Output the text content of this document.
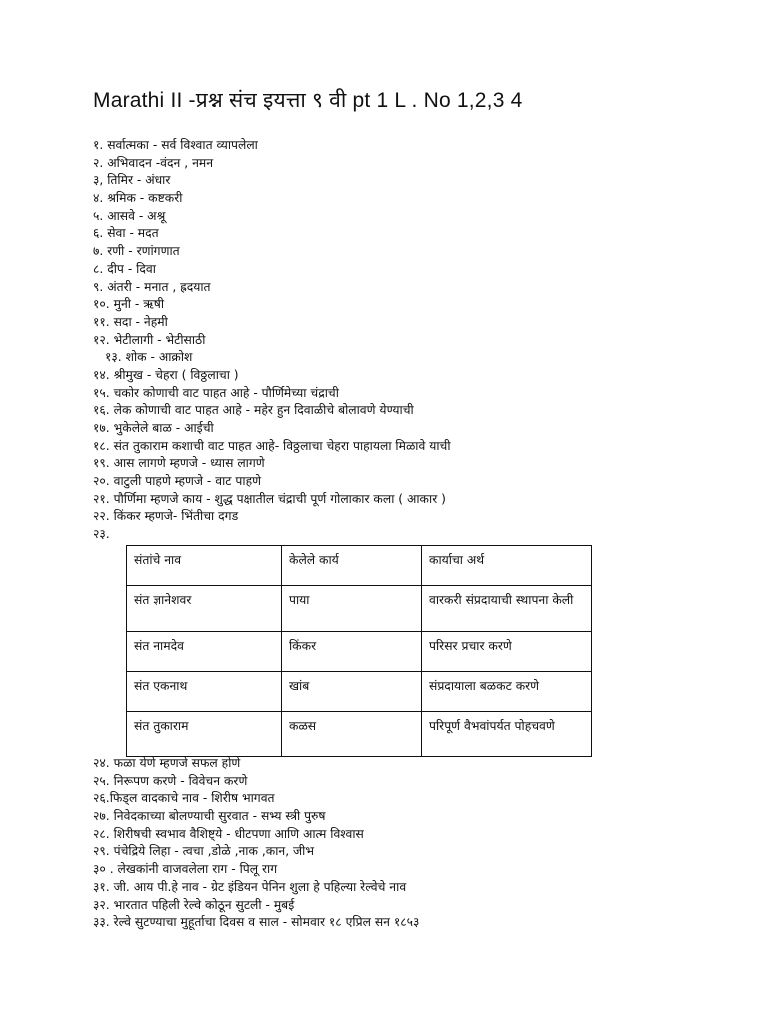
Marathi II -प्रश्न संच इयत्ता ९ वी pt 1 L . No 1,2,3 4
१. सर्वात्मका - सर्व विश्वात व्यापलेला
२. अभिवादन -वंदन , नमन
३, तिमिर - अंधार
४. श्रमिक - कष्टकरी
५. आसवे - अश्रू
६. सेवा - मदत
७. रणी - रणांगणात
८. दीप - दिवा
९. अंतरी - मनात , ह्रदयात
१०. मुनी - ऋषी
११. सदा - नेहमी
१२. भेटीलागी - भेटीसाठी
१३. शोक - आक्रोश
१४. श्रीमुख - चेहरा ( विठ्ठलाचा )
१५. चकोर कोणाची वाट पाहत आहे - पौर्णिमेच्या चंद्राची
१६. लेक कोणाची वाट पाहत आहे - महेर हुन दिवाळीचे बोलावणे येण्याची
१७. भुकेलेले बाळ - आईची
१८. संत तुकाराम कशाची वाट पाहत आहे- विठ्ठलाचा चेहरा पाहायला मिळावे याची
१९. आस लागणे म्हणजे - ध्यास लागणे
२०. वाटुली पाहणे म्हणजे - वाट पाहणे
२१. पौर्णिमा म्हणजे काय - शुद्ध पक्षातील चंद्राची पूर्ण गोलाकार कला ( आकार )
२२. किंकर म्हणजे- भिंतीचा दगड
२३.
संतांचे नाव	केलेले कार्य	कार्याचा अर्थ
संत ज्ञानेशवर	पाया	वारकरी संप्रदायाची स्थापना केली
संत नामदेव	किंकर	परिसर प्रचार करणे
संत एकनाथ	खांब	संप्रदायाला बळकट करणे
संत तुकाराम	कळस	परिपूर्ण वैभवांपर्यत पोहचवणे
२४. फळा येणे म्हणजे सफल होणे
२५. निरूपण करणे - विवेचन करणे
२६.फिड्ल वादकाचे नाव - शिरीष भागवत
२७. निवेदकाच्या बोलण्याची सुरवात - सभ्य स्त्री पुरुष
२८. शिरीषची स्वभाव वैशिष्ट्ये - धीटपणा आणि आत्म विश्वास
२९. पंचेद्रिये लिहा - त्वचा ,डोळे ,नाक ,कान, जीभ
३० . लेखकांनी वाजवलेला राग - पिलू राग
३१. जी. आय पी.हे नाव - ग्रेट इंडियन पेनिन शुला हे पहिल्या रेल्वेचे नाव
३२. भारतात पहिली रेल्वे कोठून सुटली - मुबई
३३. रेल्वे सुटण्याचा मुहूर्ताचा दिवस व साल - सोमवार १८ एप्रिल सन १८५३
